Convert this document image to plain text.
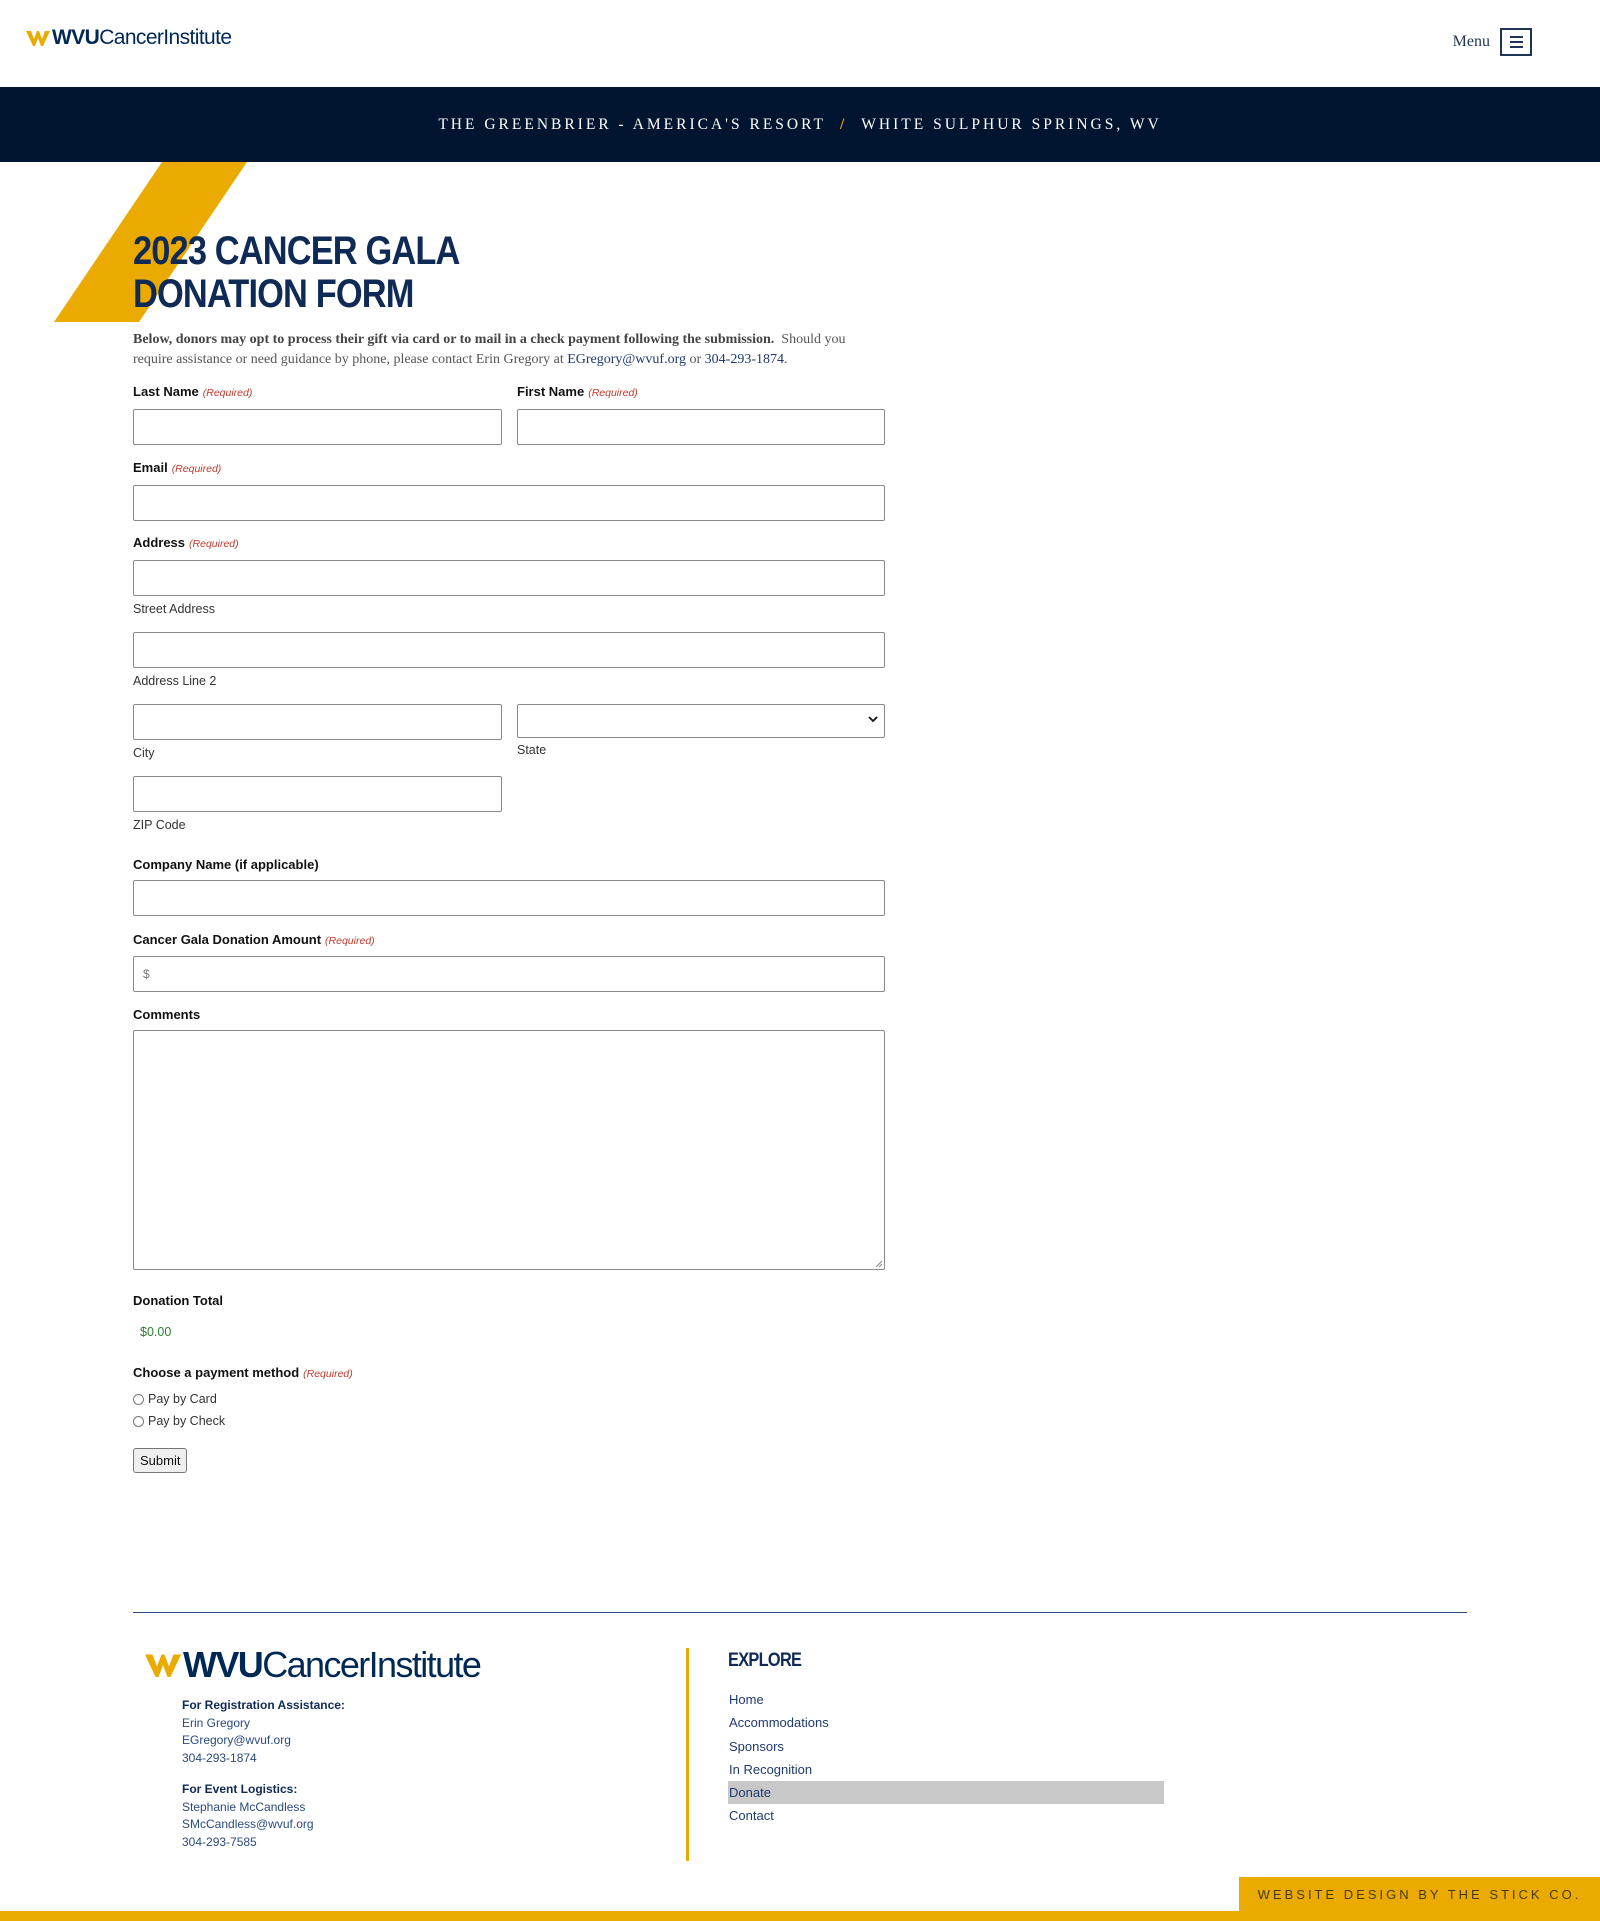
WVUCancerInstitute	Menu
THE GREENBRIER - AMERICA'S RESORT / WHITE SULPHUR SPRINGS, WV
2023 CANCER GALA
DONATION FORM

Below, donors may opt to process their gift via card or to mail in a check payment following the submission. Should you require assistance or need guidance by phone, please contact Erin Gregory at EGregory@wvuf.org or 304-293-1874.

Last Name (Required)	First Name (Required)
Email (Required)
Address (Required)
Street Address
Address Line 2
City	State
ZIP Code
Company Name (if applicable)
Cancer Gala Donation Amount (Required)
$
Comments
Donation Total
$0.00
Choose a payment method (Required)
Pay by Card
Pay by Check
Submit
WVUCancerInstitute
For Registration Assistance:
Erin Gregory
EGregory@wvuf.org
304-293-1874
For Event Logistics:
Stephanie McCandless
SMcCandless@wvuf.org
304-293-7585
EXPLORE
Home
Accommodations
Sponsors
In Recognition
Donate
Contact
WEBSITE DESIGN BY THE STICK CO.
